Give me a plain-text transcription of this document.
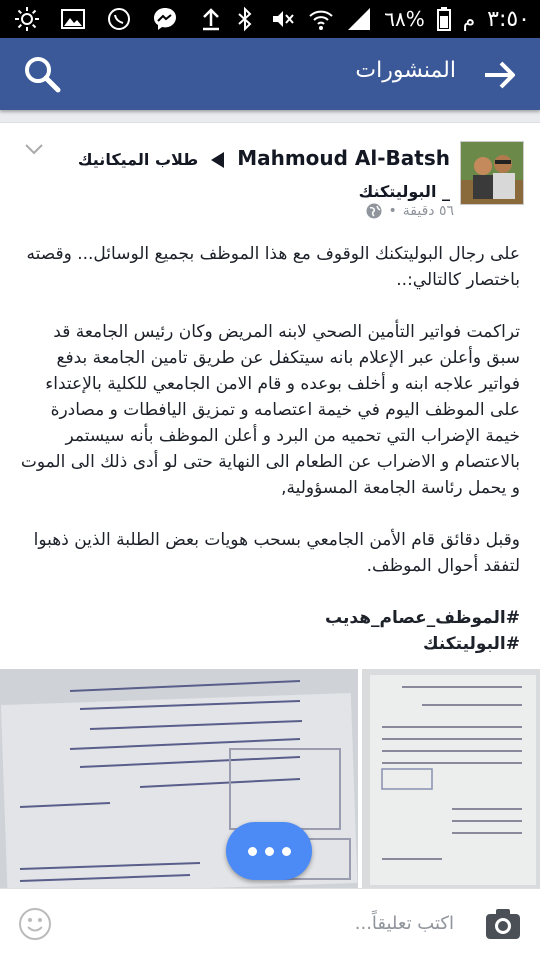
٦٨% م ٣:٥٠
المنشورات
Mahmoud Al-Batsh  طلاب الميكانيك _ البوليتكنك
٥٦ دقيقة
•

على رجال البوليتكنك الوقوف مع هذا الموظف بجميع الوسائل... وقصته باختصار كالتالي:..

تراكمت فواتير التأمين الصحي لابنه المريض وكان رئيس الجامعة قد سبق وأعلن عبر الإعلام بانه سيتكفل عن طريق تامين الجامعة بدفع فواتير علاجه ابنه و أخلف بوعده و قام الامن الجامعي للكلية بالإعتداء على الموظف اليوم في خيمة اعتصامه و تمزيق اليافطات و مصادرة خيمة الإضراب التي تحميه من البرد و أعلن الموظف بأنه سيستمر بالاعتصام و الاضراب عن الطعام الى النهاية حتى لو أدى ذلك الى الموت و يحمل رئاسة الجامعة المسؤولية,

وقبل دقائق قام الأمن الجامعي بسحب هويات بعض الطلبة الذين ذهبوا لتفقد أحوال الموظف.

#الموظف_عصام_هديب

#البوليتكنك

اكتب تعليقاً...
